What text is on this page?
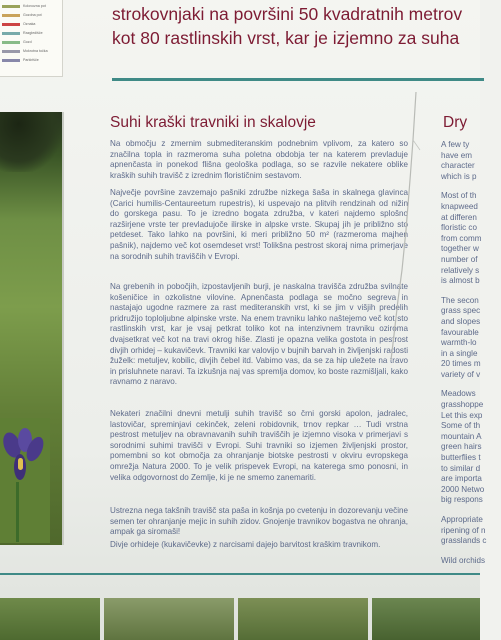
Kolovozna pot
Gozdna pot
Oznaka
Razgledišče
Gozd
Mokrotna točka
Parkirišče
strokovnjaki na površini 50 kvadratnih metrov
kot 80 rastlinskih vrst, kar je izjemno za suha
Suhi kraški travniki in skalovje	Dry

Na območju z zmernim submediteranskim podnebnim vplivom, za katero so značilna topla in razmeroma suha poletna obdobja ter na katerem prevladuje apnenčasta in ponekod flišna geološka podlaga, so se razvile nekatere oblike kraških suhih travišč z izrednim florističnim sestavom.

Največje površine zavzemajo pašniki združbe nizkega šaša in skalnega glavinca (Carici humilis-Centaureetum rupestris), ki uspevajo na plitvih rendzinah od nižin do gorskega pasu. To je izredno bogata združba, v kateri najdemo splošno razširjene vrste ter prevladujoče ilirske in alpske vrste. Skupaj jih je približno sto petdeset. Tako lahko na površini, ki meri približno 50 m² (razmeroma majhen pašnik), najdemo več kot osemdeset vrst! Tolikšna pestrost skoraj nima primerjave na sorodnih suhih traviščih v Evropi.

Na grebenih in pobočjih, izpostavljenih burji, je naskalna travišča združba svilnate košeničice in ozkolistne vilovine. Apnenčasta podlaga se močno segreva in nastajajo ugodne razmere za rast mediteranskih vrst, ki se jim v višjih predelih pridružijo toploljubne alpinske vrste. Na enem travniku lahko naštejemo več kot sto rastlinskih vrst, kar je vsaj petkrat toliko kot na intenzivnem travniku oziroma dvajsetkrat več kot na travi okrog hiše. Zlasti je opazna velika gostota in pestrost divjih orhidej – kukavičevk. Travniki kar valovijo v bujnih barvah in življenjski radosti žuželk: metuljev, kobilic, divjih čebel itd. Vabimo vas, da se za hip uležete na travo in prisluhnete naravi. Ta izkušnja naj vas spremlja domov, ko boste razmišljali, kako ravnamo z naravo.

Nekateri značilni dnevni metulji suhih travišč so črni gorski apolon, jadralec, lastovičar, spreminjavi cekinček, zeleni robidovnik, trnov repkar … Tudi vrstna pestrost metuljev na obravnavanih suhih traviščih je izjemno visoka v primerjavi s sorodnimi suhimi travišči v Evropi. Suhi travniki so izjemen življenjski prostor, pomembni so kot območja za ohranjanje biotske pestrosti v okviru evropskega omrežja Natura 2000. To je velik prispevek Evropi, na katerega smo ponosni, in velika odgovornost do Zemlje, ki je ne smemo zanemariti.

Ustrezna nega takšnih travišč sta paša in košnja po cvetenju in dozorevanju večine semen ter ohranjanje mejic in suhih zidov. Gnojenje travnikov bogastva ne ohranja, ampak ga siromaši!

Divje orhideje (kukavičevke) z narcisami dajejo barvitost kraškim travnikom.

A few ty
have em
character
which is p
Most of th
knapweed
at differen
floristic co
from comm
together w
number of
relatively s
is almost b
The secon
grass spec
and slopes
favourable
warmth-lo
in a single
20 times m
variety of v
Meadows
grasshoppe
Let this exp
Some of th
mountain A
green hairs
butterflies t
to similar d
are importa
2000 Netwo
big respons
Appropriate
ripening of n
grasslands c
Wild orchids
